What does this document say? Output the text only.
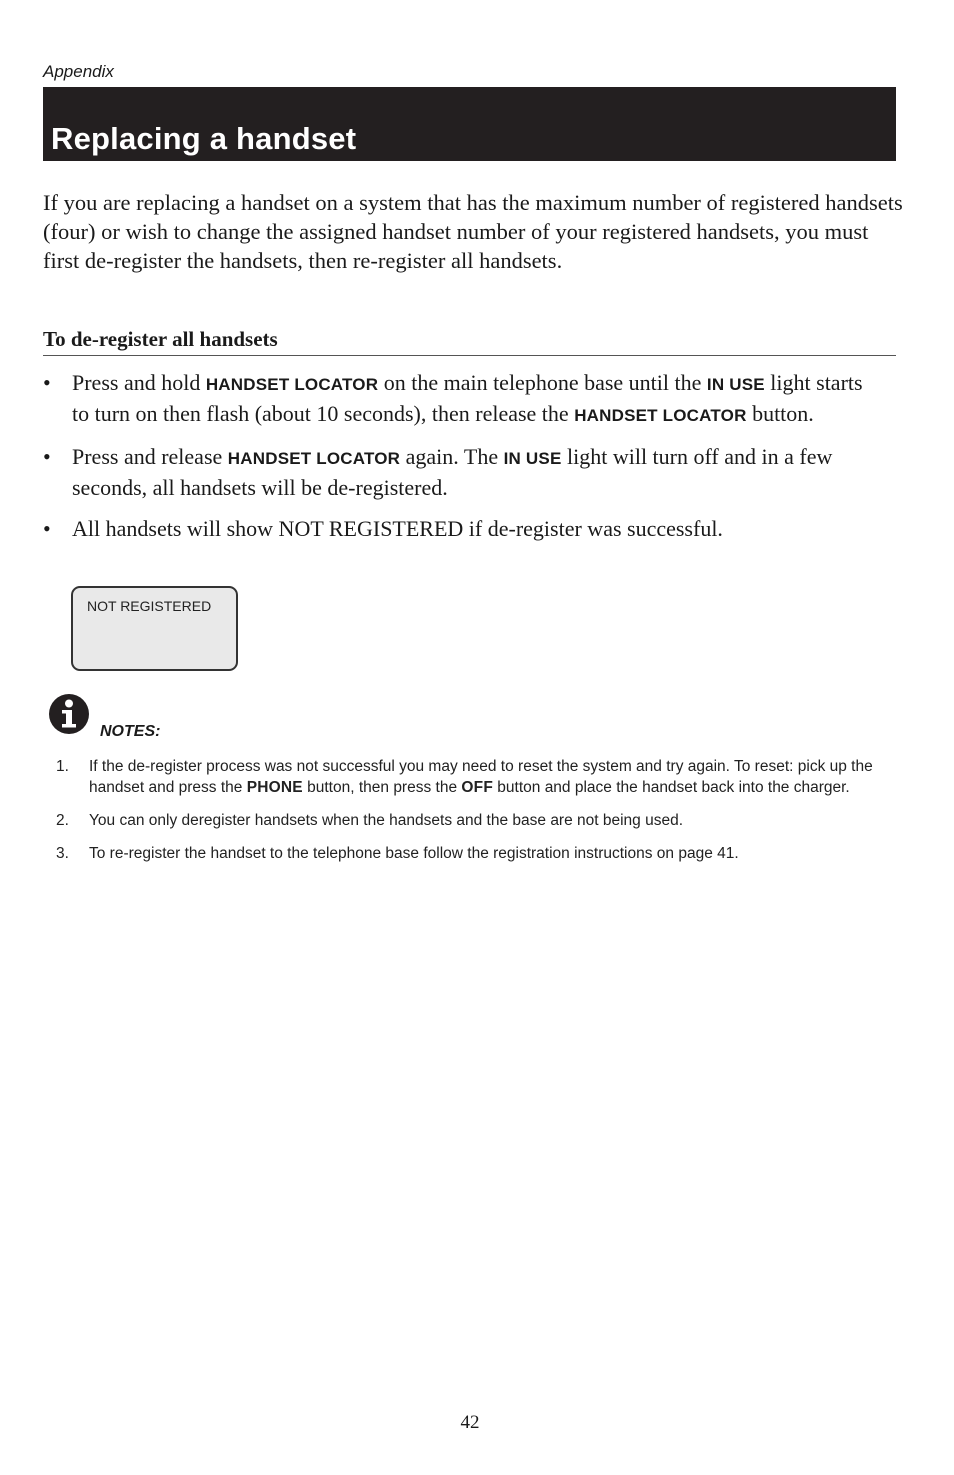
Appendix
Replacing a handset

If you are replacing a handset on a system that has the maximum number of registered handsets (four) or wish to change the assigned handset number of your registered handsets, you must first de-register the handsets, then re-register all handsets.

To de-register all handsets
• Press and hold HANDSET LOCATOR on the main telephone base until the IN USE light starts to turn on then flash (about 10 seconds), then release the HANDSET LOCATOR button.
• Press and release HANDSET LOCATOR again. The IN USE light will turn off and in a few seconds, all handsets will be de-registered.
• All handsets will show NOT REGISTERED if de-register was successful.
NOT REGISTERED
NOTES:
1. If the de-register process was not successful you may need to reset the system and try again. To reset: pick up the handset and press the PHONE button, then press the OFF button and place the handset back into the charger.
2. You can only deregister handsets when the handsets and the base are not being used.
3. To re-register the handset to the telephone base follow the registration instructions on page 41.
42
